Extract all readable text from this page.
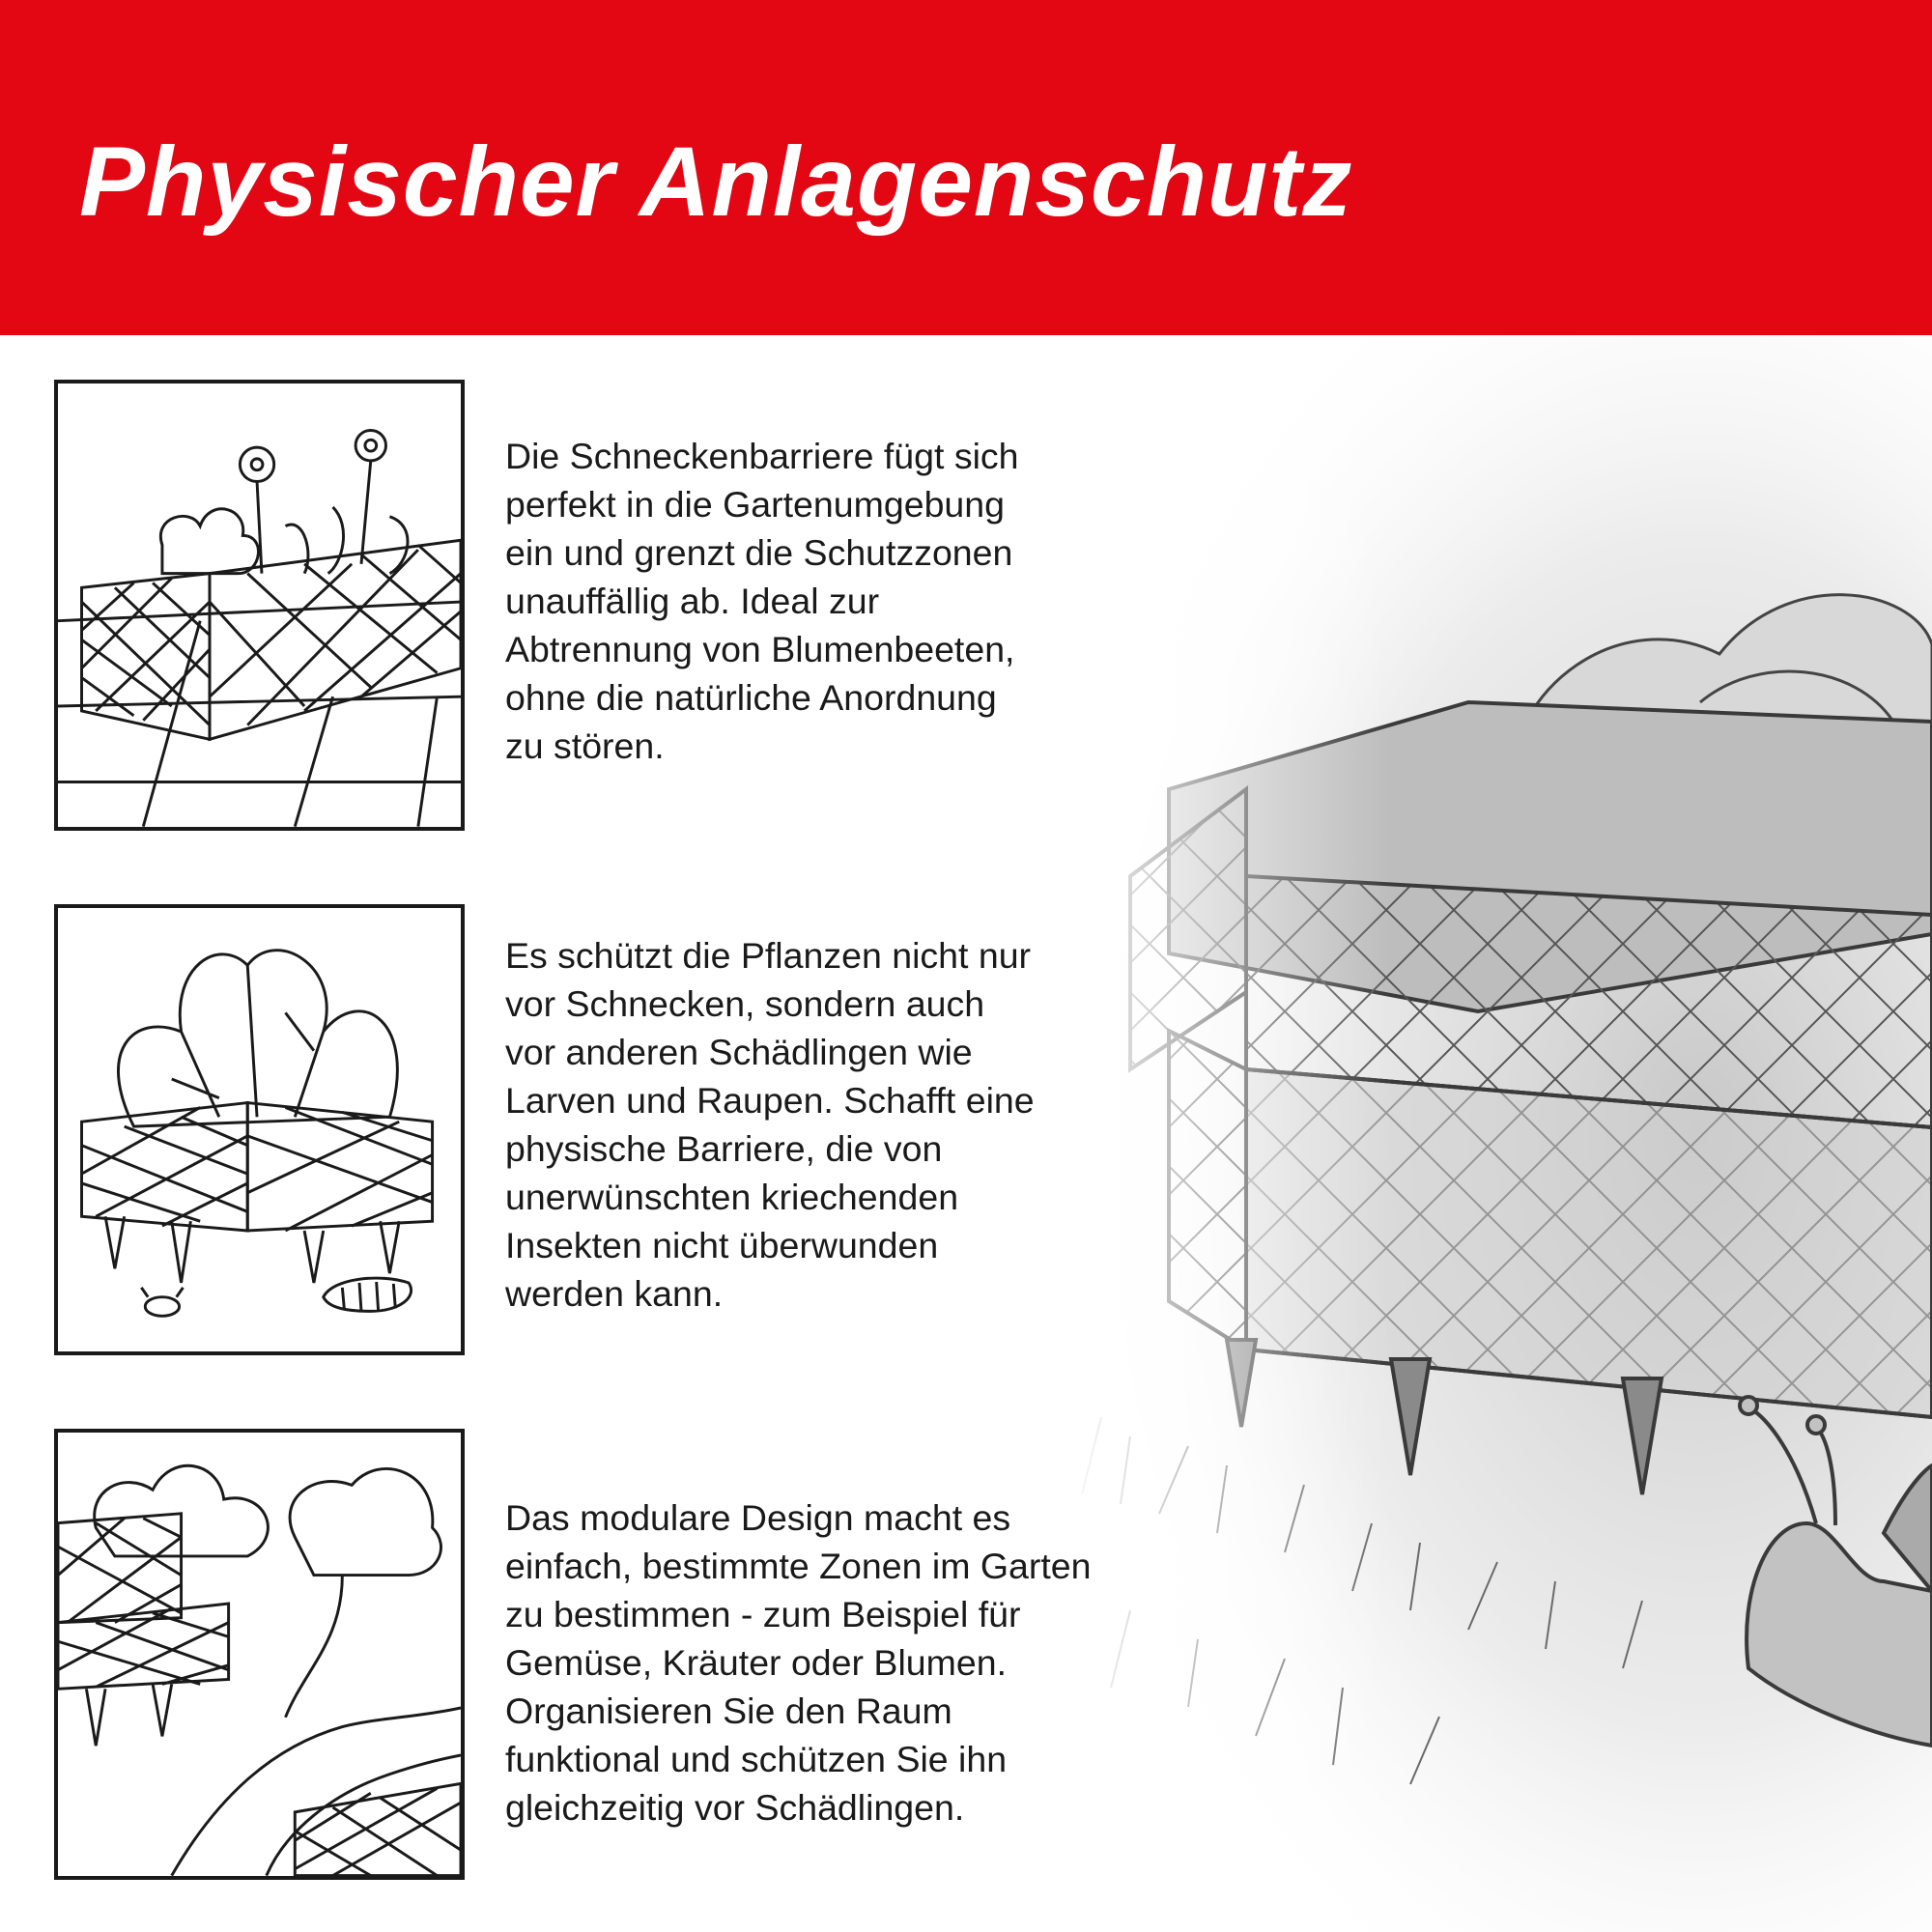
Physischer Anlagenschutz

Die Schneckenbarriere fügt sich
perfekt in die Gartenumgebung
ein und grenzt die Schutzzonen
unauffällig ab. Ideal zur
Abtrennung von Blumenbeeten,
ohne die natürliche Anordnung
zu stören.

Es schützt die Pflanzen nicht nur
vor Schnecken, sondern auch
vor anderen Schädlingen wie
Larven und Raupen. Schafft eine
physische Barriere, die von
unerwünschten kriechenden
Insekten nicht überwunden
werden kann.

Das modulare Design macht es
einfach, bestimmte Zonen im Garten
zu bestimmen - zum Beispiel für
Gemüse, Kräuter oder Blumen.
Organisieren Sie den Raum
funktional und schützen Sie ihn
gleichzeitig vor Schädlingen.
